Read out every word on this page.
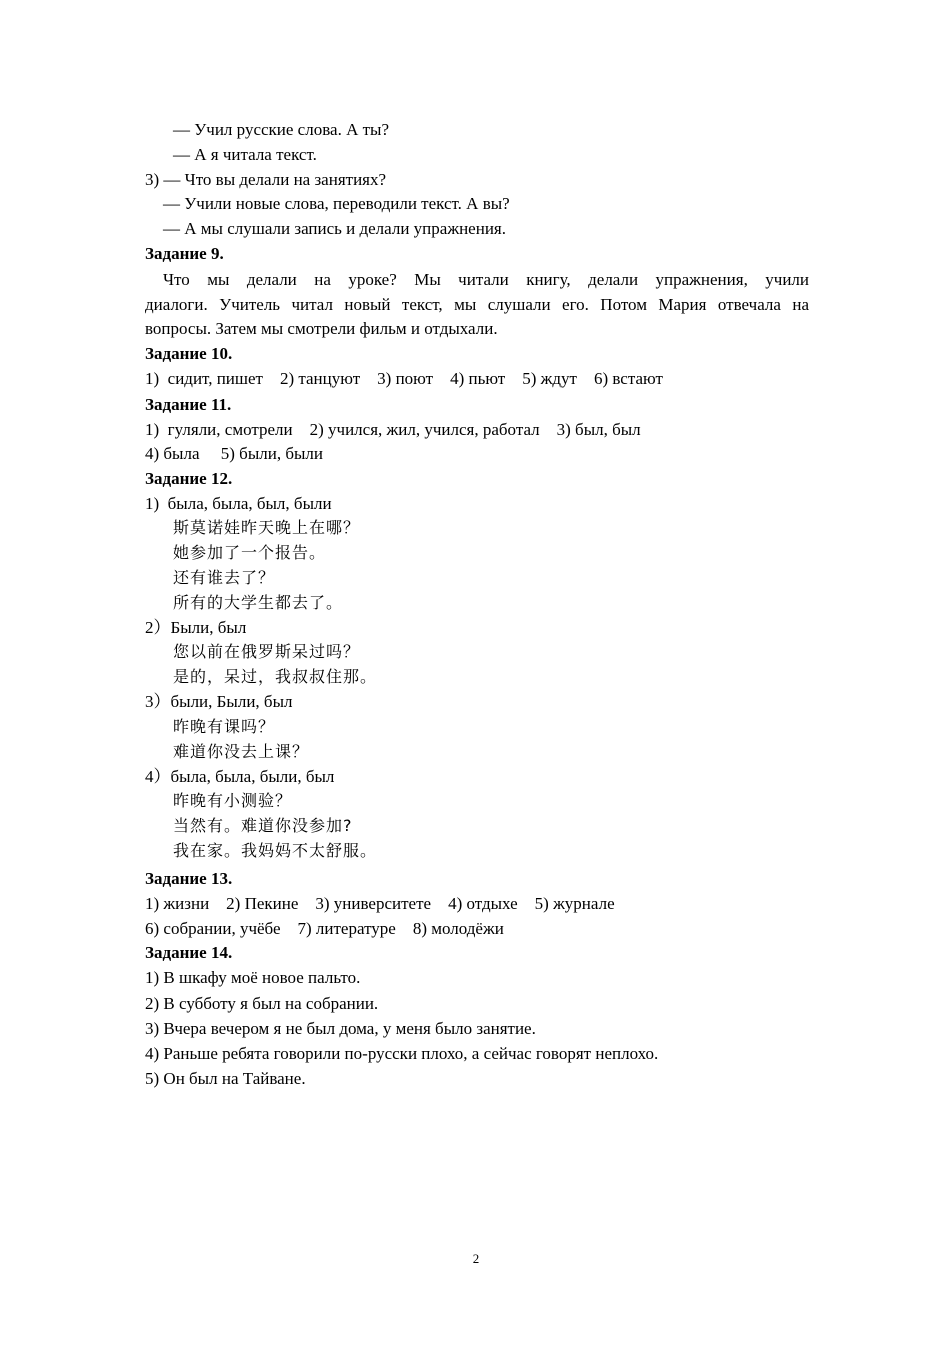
— Учил русские слова. А ты?
— А я читала текст.
3) — Что вы делали на занятиях?
— Учили новые слова, переводили текст. А вы?
— А мы слушали запись и делали упражнения.
Задание 9.
Что мы делали на уроке? Мы читали книгу, делали упражнения, учили
диалоги. Учитель читал новый текст, мы слушали его. Потом Мария отвечала на
вопросы. Затем мы смотрели фильм и отдыхали.
Задание 10.
1)  сидит, пишет    2) танцуют    3) поют    4) пьют    5) ждут    6) встают
Задание 11.
1)  гуляли, смотрели    2) учился, жил, учился, работал    3) был, был
4) была     5) были, были
Задание 12.
1)  была, была, был, были
斯莫诺娃昨天晚上在哪？
她参加了一个报告。
还有谁去了？
所有的大学生都去了。
2）Были, был
您以前在俄罗斯呆过吗？
是的，呆过，我叔叔住那。
3）были, Были, был
昨晚有课吗？
难道你没去上课？
4）была, была, были, был
昨晚有小测验？
当然有。难道你没参加?
我在家。我妈妈不太舒服。
Задание 13.
1) жизни    2) Пекине    3) университете    4) отдыхе    5) журнале
6) собрании, учёбе    7) литературе    8) молодёжи
Задание 14.
1) В шкафу моё новое пальто.
2) В субботу я был на собрании.
3) Вчера вечером я не был дома, у меня было занятие.
4) Раньше ребята говорили по-русски плохо, а сейчас говорят неплохо.
5) Он был на Тайване.
2
